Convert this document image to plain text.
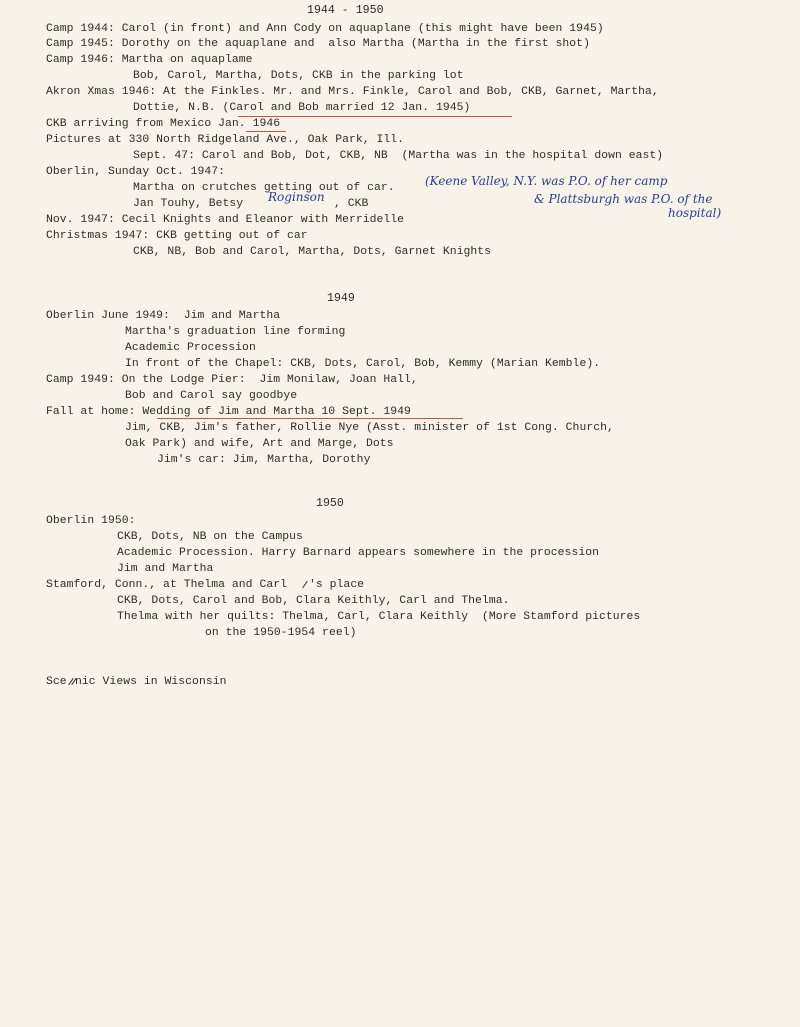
1944 - 1950
Camp 1944: Carol (in front) and Ann Cody on aquaplane (this might have been 1945)
Camp 1945: Dorothy on the aquaplane and  also Martha (Martha in the first shot)
Camp 1946: Martha on aquaplame
Bob, Carol, Martha, Dots, CKB in the parking lot
Akron Xmas 1946: At the Finkles. Mr. and Mrs. Finkle, Carol and Bob, CKB, Garnet, Martha,
Dottie, N.B. (Carol and Bob married 12 Jan. 1945)
CKB arriving from Mexico Jan. 1946
Pictures at 330 North Ridgeland Ave., Oak Park, Ill.
Sept. 47: Carol and Bob, Dot, CKB, NB  (Martha was in the hospital down east)
Oberlin, Sunday Oct. 1947:
Martha on crutches getting out of car.
Jan Touhy, Betsy Roginson , CKB
(Keene Valley, N.Y. was P.O. of her camp
& Plattsburgh was P.O. of the
hospital)
Nov. 1947: Cecil Knights and Eleanor with Merridelle
Christmas 1947: CKB getting out of car
CKB, NB, Bob and Carol, Martha, Dots, Garnet Knights
1949
Oberlin June 1949:  Jim and Martha
Martha's graduation line forming
Academic Procession
In front of the Chapel: CKB, Dots, Carol, Bob, Kemmy (Marian Kemble).
Camp 1949: On the Lodge Pier:  Jim Monilaw, Joan Hall,
Bob and Carol say goodbye
Fall at home: Wedding of Jim and Martha 10 Sept. 1949
Jim, CKB, Jim's father, Rollie Nye (Asst. minister of 1st Cong. Church,
Oak Park) and wife, Art and Marge, Dots
Jim's car: Jim, Martha, Dorothy
1950
Oberlin 1950:
CKB, Dots, NB on the Campus
Academic Procession. Harry Barnard appears somewhere in the procession
Jim and Martha
Stamford, Conn., at Thelma and Carl 's place
CKB, Dots, Carol and Bob, Clara Keithly, Carl and Thelma.
Thelma with her quilts: Thelma, Carl, Clara Keithly  (More Stamford pictures
on the 1950-1954 reel)
Sce nic Views in Wisconsin
